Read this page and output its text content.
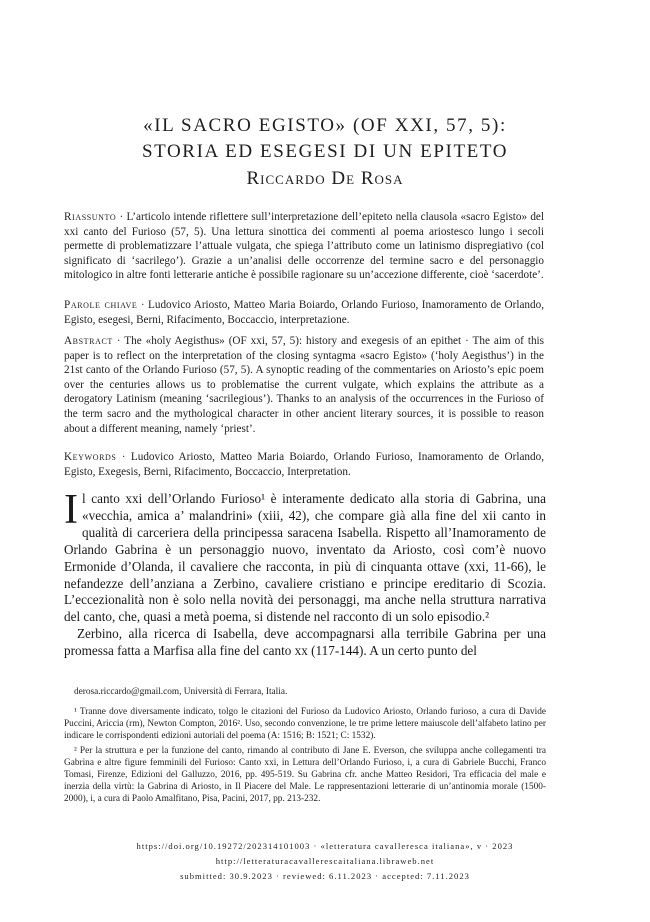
«IL SACRO EGISTO» (OF XXI, 57, 5):
STORIA ED ESEGESI DI UN EPITETO
Riccardo De Rosa
Riassunto · L’articolo intende riflettere sull’interpretazione dell’epiteto nella clausola «sacro Egisto» del xxi canto del Furioso (57, 5). Una lettura sinottica dei commenti al poema ariostesco lungo i secoli permette di problematizzare l’attuale vulgata, che spiega l’attributo come un latinismo dispregiativo (col significato di ‘sacrilego’). Grazie a un’analisi delle occorrenze del termine sacro e del personaggio mitologico in altre fonti letterarie antiche è possibile ragionare su un’accezione differente, cioè ‘sacerdote’.
Parole chiave · Ludovico Ariosto, Matteo Maria Boiardo, Orlando Furioso, Inamoramento de Orlando, Egisto, esegesi, Berni, Rifacimento, Boccaccio, interpretazione.
Abstract · The «holy Aegisthus» (OF xxi, 57, 5): history and exegesis of an epithet · The aim of this paper is to reflect on the interpretation of the closing syntagma «sacro Egisto» (‘holy Aegisthus’) in the 21st canto of the Orlando Furioso (57, 5). A synoptic reading of the commentaries on Ariosto’s epic poem over the centuries allows us to problematise the current vulgate, which explains the attribute as a derogatory Latinism (meaning ‘sacrilegious’). Thanks to an analysis of the occurrences in the Furioso of the term sacro and the mythological character in other ancient literary sources, it is possible to reason about a different meaning, namely ‘priest’.
Keywords · Ludovico Ariosto, Matteo Maria Boiardo, Orlando Furioso, Inamoramento de Orlando, Egisto, Exegesis, Berni, Rifacimento, Boccaccio, Interpretation.

Il canto xxi dell’Orlando Furioso¹ è interamente dedicato alla storia di Gabrina, una «vecchia, amica a’ malandrini» (xiii, 42), che compare già alla fine del xii canto in qualità di carceriera della principessa saracena Isabella. Rispetto all’Inamoramento de Orlando Gabrina è un personaggio nuovo, inventato da Ariosto, così com’è nuovo Ermonide d’Olanda, il cavaliere che racconta, in più di cinquanta ottave (xxi, 11-66), le nefandezze dell’anziana a Zerbino, cavaliere cristiano e principe ereditario di Scozia. L’eccezionalità non è solo nella novità dei personaggi, ma anche nella struttura narrativa del canto, che, quasi a metà poema, si distende nel racconto di un solo episodio.²

Zerbino, alla ricerca di Isabella, deve accompagnarsi alla terribile Gabrina per una promessa fatta a Marfisa alla fine del canto xx (117-144). A un certo punto del

derosa.riccardo@gmail.com, Università di Ferrara, Italia.

¹ Tranne dove diversamente indicato, tolgo le citazioni del Furioso da Ludovico Ariosto, Orlando furioso, a cura di Davide Puccini, Ariccia (rm), Newton Compton, 2016². Uso, secondo convenzione, le tre prime lettere maiuscole dell’alfabeto latino per indicare le corrispondenti edizioni autoriali del poema (A: 1516; B: 1521; C: 1532).

² Per la struttura e per la funzione del canto, rimando al contributo di Jane E. Everson, che sviluppa anche collegamenti tra Gabrina e altre figure femminili del Furioso: Canto xxi, in Lettura dell’Orlando Furioso, i, a cura di Gabriele Bucchi, Franco Tomasi, Firenze, Edizioni del Galluzzo, 2016, pp. 495-519. Su Gabrina cfr. anche Matteo Residori, Tra efficacia del male e inerzia della virtù: la Gabrina di Ariosto, in Il Piacere del Male. Le rappresentazioni letterarie di un’antinomia morale (1500-2000), i, a cura di Paolo Amalfitano, Pisa, Pacini, 2017, pp. 213-232.

https://doi.org/10.19272/202314101003 · «letteratura cavalleresca italiana», v · 2023
http://letteraturacavallerescaitaliana.libraweb.net
submitted: 30.9.2023 · reviewed: 6.11.2023 · accepted: 7.11.2023
